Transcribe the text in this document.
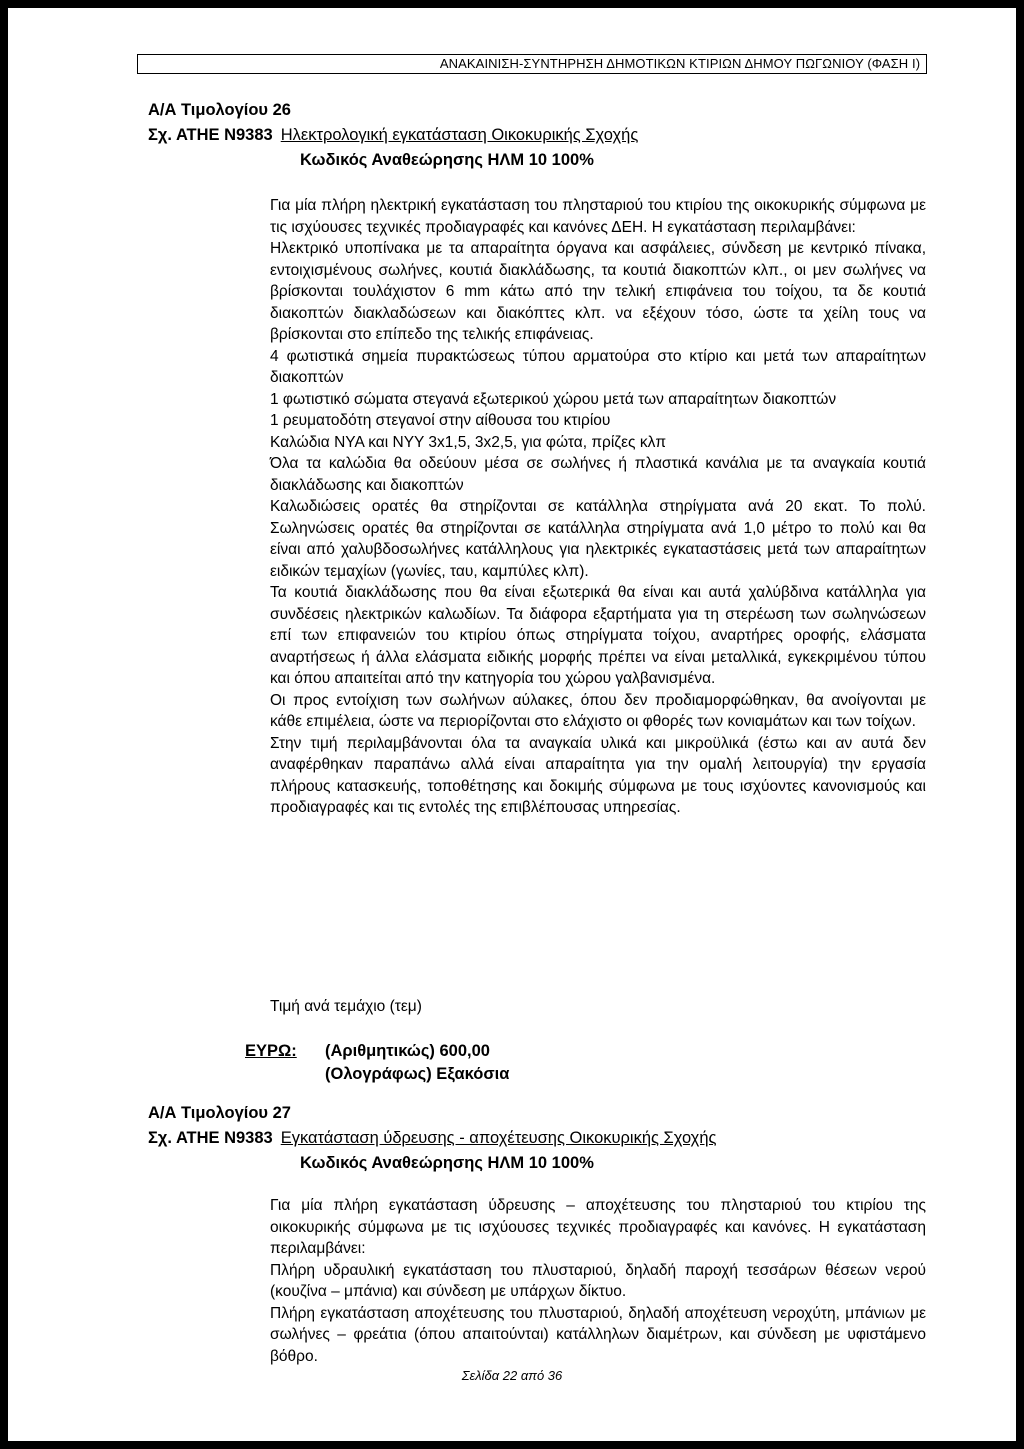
ΑΝΑΚΑΙΝΙΣΗ-ΣΥΝΤΗΡΗΣΗ ΔΗΜΟΤΙΚΩΝ ΚΤΙΡΙΩΝ ΔΗΜΟΥ ΠΩΓΩΝΙΟΥ (ΦΑΣΗ Ι)
Α/Α Τιμολογίου 26
Σχ. ΑΤΗΕ Ν9383 Ηλεκτρολογική εγκατάσταση Οικοκυρικής Σχοχής
Κωδικός Αναθεώρησης ΗΛΜ 10 100%

Για μία πλήρη ηλεκτρική εγκατάσταση του πλησταριού του κτιρίου της οικοκυρικής σύμφωνα με τις ισχύουσες τεχνικές προδιαγραφές και κανόνες ΔΕΗ. Η εγκατάσταση περιλαμβάνει:

Ηλεκτρικό υποπίνακα με τα απαραίτητα όργανα και ασφάλειες, σύνδεση με κεντρικό πίνακα, εντοιχισμένους σωλήνες, κουτιά διακλάδωσης, τα κουτιά διακοπτών κλπ., οι μεν σωλήνες να βρίσκονται τουλάχιστον 6 mm κάτω από την τελική επιφάνεια του τοίχου, τα δε κουτιά διακοπτών διακλαδώσεων και διακόπτες κλπ. να εξέχουν τόσο, ώστε τα χείλη τους να βρίσκονται στο επίπεδο της τελικής επιφάνειας.

4 φωτιστικά σημεία πυρακτώσεως τύπου αρματούρα στο κτίριο και μετά των απαραίτητων διακοπτών

1 φωτιστικό σώματα στεγανά εξωτερικού χώρου μετά των απαραίτητων διακοπτών

1 ρευματοδότη στεγανοί στην αίθουσα του κτιρίου

Καλώδια ΝΥΑ και ΝΥΥ 3x1,5, 3x2,5, για φώτα, πρίζες κλπ

Όλα τα καλώδια θα οδεύουν μέσα σε σωλήνες ή πλαστικά κανάλια με τα αναγκαία κουτιά διακλάδωσης και διακοπτών

Καλωδιώσεις ορατές θα στηρίζονται σε κατάλληλα στηρίγματα ανά 20 εκατ. Το πολύ. Σωληνώσεις ορατές θα στηρίζονται σε κατάλληλα στηρίγματα ανά 1,0 μέτρο το πολύ και θα είναι από χαλυβδοσωλήνες κατάλληλους για ηλεκτρικές εγκαταστάσεις μετά των απαραίτητων ειδικών τεμαχίων (γωνίες, ταυ, καμπύλες κλπ).

Τα κουτιά διακλάδωσης που θα είναι εξωτερικά θα είναι και αυτά χαλύβδινα κατάλληλα για συνδέσεις ηλεκτρικών καλωδίων. Τα διάφορα εξαρτήματα για τη στερέωση των σωληνώσεων επί των επιφανειών του κτιρίου όπως στηρίγματα τοίχου, αναρτήρες οροφής, ελάσματα αναρτήσεως ή άλλα ελάσματα ειδικής μορφής πρέπει να είναι μεταλλικά, εγκεκριμένου τύπου και όπου απαιτείται από την κατηγορία του χώρου γαλβανισμένα.

Οι προς εντοίχιση των σωλήνων αύλακες, όπου δεν προδιαμορφώθηκαν, θα ανοίγονται με κάθε επιμέλεια, ώστε να περιορίζονται στο ελάχιστο οι φθορές των κονιαμάτων και των τοίχων.

Στην τιμή περιλαμβάνονται όλα τα αναγκαία υλικά και μικροϋλικά (έστω και αν αυτά δεν αναφέρθηκαν παραπάνω αλλά είναι απαραίτητα για την ομαλή λειτουργία) την εργασία πλήρους κατασκευής, τοποθέτησης και δοκιμής σύμφωνα με τους ισχύοντες κανονισμούς και προδιαγραφές και τις εντολές της επιβλέπουσας υπηρεσίας.

Τιμή ανά τεμάχιο (τεμ)
ΕΥΡΩ: (Αριθμητικώς) 600,00
(Ολογράφως) Εξακόσια
Α/Α Τιμολογίου 27
Σχ. ΑΤΗΕ Ν9383 Εγκατάσταση ύδρευσης - αποχέτευσης Οικοκυρικής Σχοχής
Κωδικός Αναθεώρησης ΗΛΜ 10 100%

Για μία πλήρη εγκατάσταση ύδρευσης – αποχέτευσης του πλησταριού του κτιρίου της οικοκυρικής σύμφωνα με τις ισχύουσες τεχνικές προδιαγραφές και κανόνες. Η εγκατάσταση περιλαμβάνει:

Πλήρη υδραυλική εγκατάσταση του πλυσταριού, δηλαδή παροχή τεσσάρων θέσεων νερού (κουζίνα – μπάνια) και σύνδεση με υπάρχων δίκτυο.

Πλήρη εγκατάσταση αποχέτευσης του πλυσταριού, δηλαδή αποχέτευση νεροχύτη, μπάνιων με σωλήνες – φρεάτια (όπου απαιτούνται) κατάλληλων διαμέτρων, και σύνδεση με υφιστάμενο βόθρο.

Σελίδα 22 από 36
